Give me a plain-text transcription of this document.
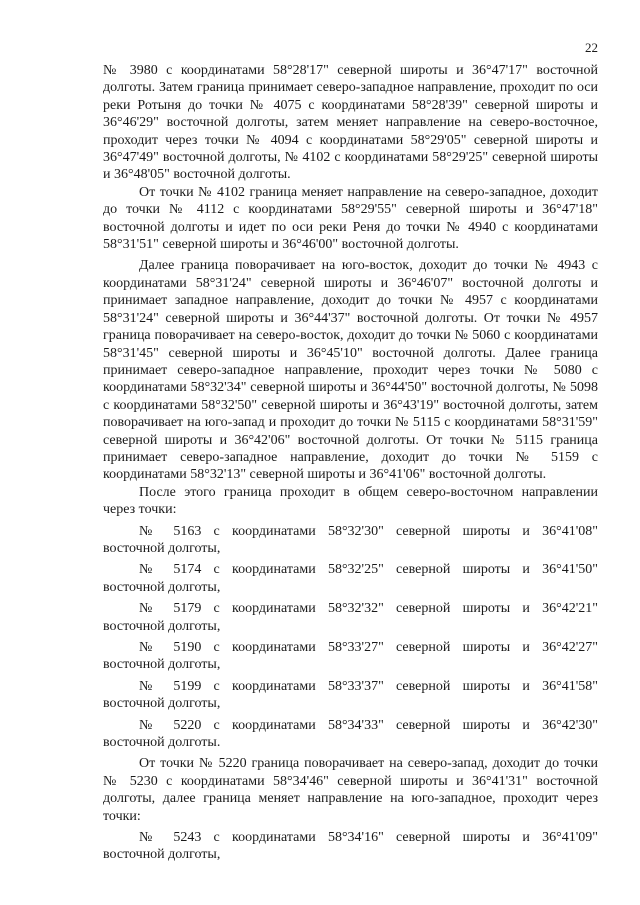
22

№ 3980 с координатами 58°28'17" северной широты и 36°47'17" восточной долготы. Затем граница принимает северо-западное направление, проходит по оси реки Ротыня до точки № 4075 с координатами 58°28'39" северной широты и 36°46'29" восточной долготы, затем меняет направление на северо-восточное, проходит через точки № 4094 с координатами 58°29'05" северной широты и 36°47'49" восточной долготы, № 4102 с координатами 58°29'25" северной широты и 36°48'05" восточной долготы.

От точки № 4102 граница меняет направление на северо-западное, доходит до точки № 4112 с координатами 58°29'55" северной широты и 36°47'18" восточной долготы и идет по оси реки Реня до точки № 4940 с координатами 58°31'51" северной широты и 36°46'00" восточной долготы.

Далее граница поворачивает на юго-восток, доходит до точки № 4943 с координатами 58°31'24" северной широты и 36°46'07" восточной долготы и принимает западное направление, доходит до точки № 4957 с координатами 58°31'24" северной широты и 36°44'37" восточной долготы. От точки № 4957 граница поворачивает на северо-восток, доходит до точки № 5060 с координатами 58°31'45" северной широты и 36°45'10" восточной долготы. Далее граница принимает северо-западное направление, проходит через точки № 5080 с координатами 58°32'34" северной широты и 36°44'50" восточной долготы, № 5098 с координатами 58°32'50" северной широты и 36°43'19" восточной долготы, затем поворачивает на юго-запад и проходит до точки № 5115 с координатами 58°31'59" северной широты и 36°42'06" восточной долготы. От точки № 5115 граница принимает северо-западное направление, доходит до точки № 5159 с координатами 58°32'13" северной широты и 36°41'06" восточной долготы.

После этого граница проходит в общем северо-восточном направлении через точки:

№ 5163 с координатами 58°32'30" северной широты и 36°41'08"
восточной долготы,
№ 5174 с координатами 58°32'25" северной широты и 36°41'50"
восточной долготы,
№ 5179 с координатами 58°32'32" северной широты и 36°42'21"
восточной долготы,
№ 5190 с координатами 58°33'27" северной широты и 36°42'27"
восточной долготы,
№ 5199 с координатами 58°33'37" северной широты и 36°41'58"
восточной долготы,
№ 5220 с координатами 58°34'33" северной широты и 36°42'30"
восточной долготы.

От точки № 5220 граница поворачивает на северо-запад, доходит до точки № 5230 с координатами 58°34'46" северной широты и 36°41'31" восточной долготы, далее граница меняет направление на юго-западное, проходит через точки:

№ 5243 с координатами 58°34'16" северной широты и 36°41'09"
восточной долготы,
